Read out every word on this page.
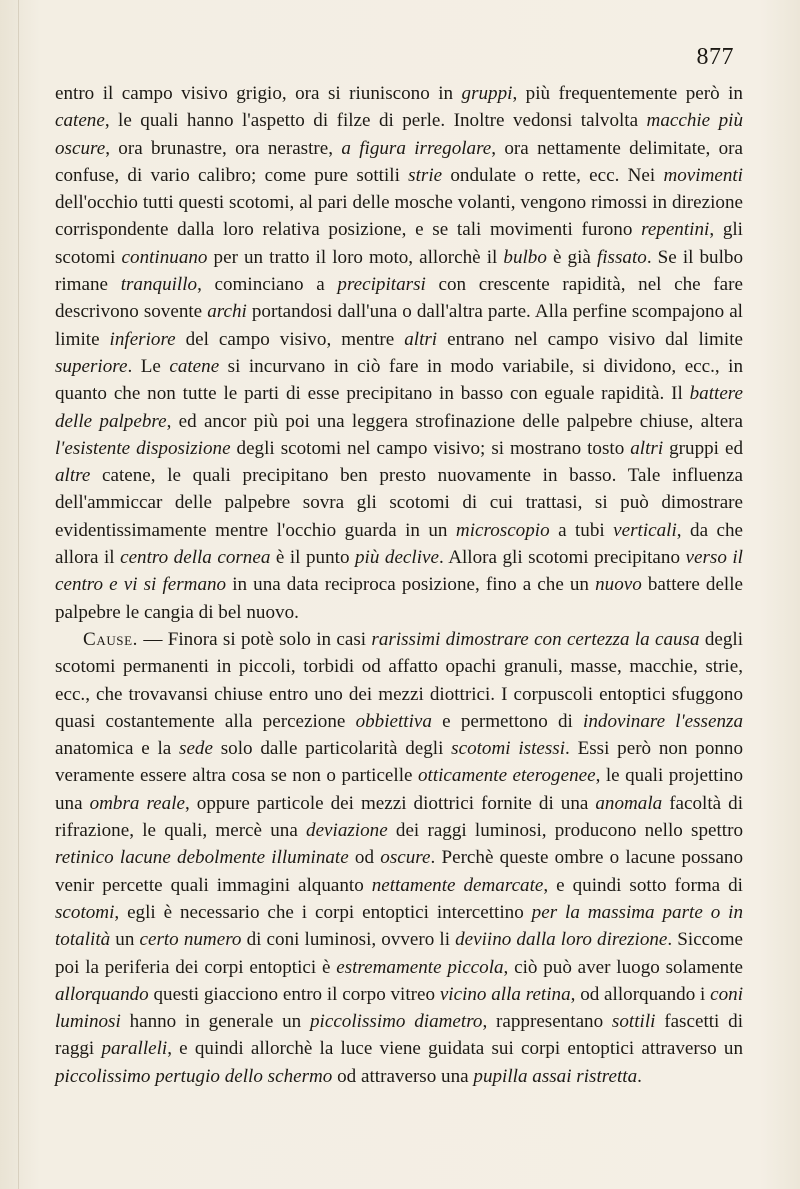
877

entro il campo visivo grigio, ora si riuniscono in gruppi, più frequentemente però in catene, le quali hanno l'aspetto di filze di perle. Inoltre vedonsi talvolta macchie più oscure, ora brunastre, ora nerastre, a figura irregolare, ora nettamente delimitate, ora confuse, di vario calibro; come pure sottili strie ondulate o rette, ecc. Nei movimenti dell'occhio tutti questi scotomi, al pari delle mosche volanti, vengono rimossi in direzione corrispondente dalla loro relativa posizione, e se tali movimenti furono repentini, gli scotomi continuano per un tratto il loro moto, allorchè il bulbo è già fissato. Se il bulbo rimane tranquillo, cominciano a precipitarsi con crescente rapidità, nel che fare descrivono sovente archi portandosi dall'una o dall'altra parte. Alla perfine scompajono al limite inferiore del campo visivo, mentre altri entrano nel campo visivo dal limite superiore. Le catene si incurvano in ciò fare in modo variabile, si dividono, ecc., in quanto che non tutte le parti di esse precipitano in basso con eguale rapidità. Il battere delle palpebre, ed ancor più poi una leggera strofinazione delle palpebre chiuse, altera l'esistente disposizione degli scotomi nel campo visivo; si mostrano tosto altri gruppi ed altre catene, le quali precipitano ben presto nuovamente in basso. Tale influenza dell'ammiccar delle palpebre sovra gli scotomi di cui trattasi, si può dimostrare evidentissimamente mentre l'occhio guarda in un microscopio a tubi verticali, da che allora il centro della cornea è il punto più declive. Allora gli scotomi precipitano verso il centro e vi si fermano in una data reciproca posizione, fino a che un nuovo battere delle palpebre le cangia di bel nuovo.

Cause. — Finora si potè solo in casi rarissimi dimostrare con certezza la causa degli scotomi permanenti in piccoli, torbidi od affatto opachi granuli, masse, macchie, strie, ecc., che trovavansi chiuse entro uno dei mezzi diottrici. I corpuscoli entoptici sfuggono quasi costantemente alla percezione obbiettiva e permettono di indovinare l'essenza anatomica e la sede solo dalle particolarità degli scotomi istessi. Essi però non ponno veramente essere altra cosa se non o particelle otticamente eterogenee, le quali projettino una ombra reale, oppure particole dei mezzi diottrici fornite di una anomala facoltà di rifrazione, le quali, mercè una deviazione dei raggi luminosi, producono nello spettro retinico lacune debolmente illuminate od oscure. Perchè queste ombre o lacune possano venir percette quali immagini alquanto nettamente demarcate, e quindi sotto forma di scotomi, egli è necessario che i corpi entoptici intercettino per la massima parte o in totalità un certo numero di coni luminosi, ovvero li deviino dalla loro direzione. Siccome poi la periferia dei corpi entoptici è estremamente piccola, ciò può aver luogo solamente allorquando questi giacciono entro il corpo vitreo vicino alla retina, od allorquando i coni luminosi hanno in generale un piccolissimo diametro, rappresentano sottili fascetti di raggi paralleli, e quindi allorchè la luce viene guidata sui corpi entoptici attraverso un piccolissimo pertugio dello schermo od attraverso una pupilla assai ristretta.
